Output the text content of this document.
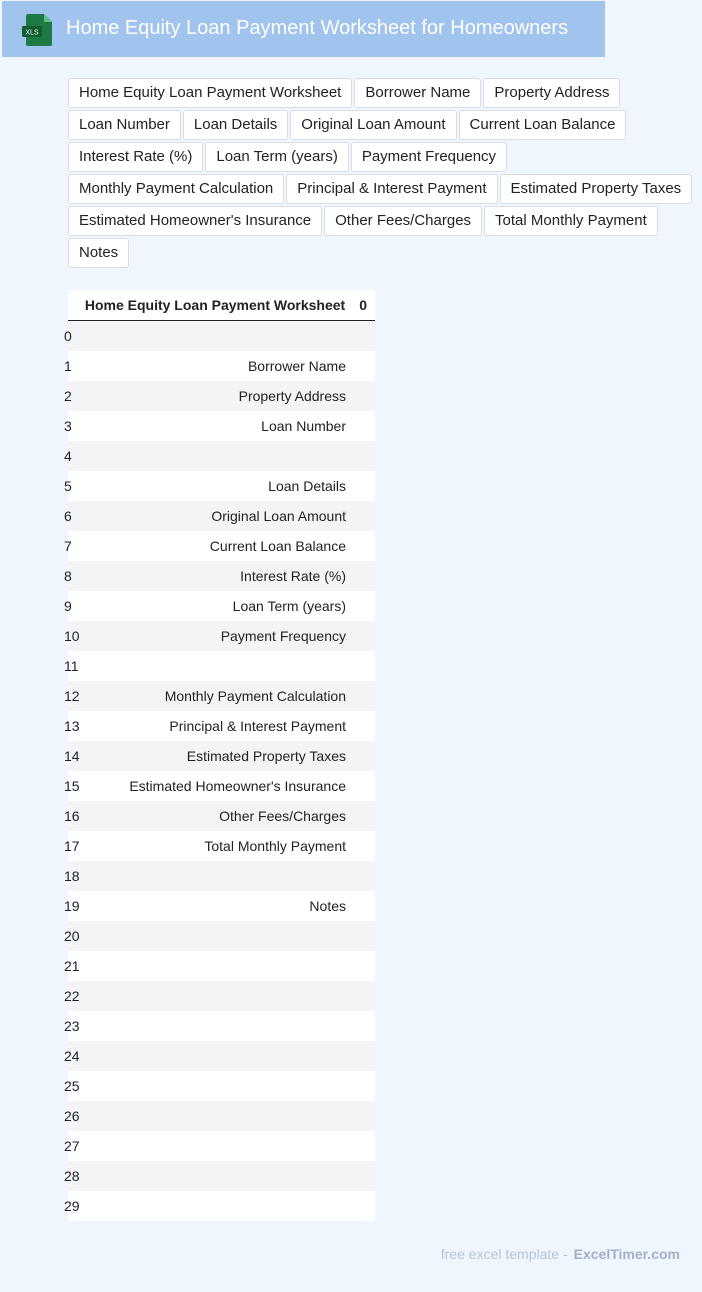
XLS Home Equity Loan Payment Worksheet for Homeowners
Home Equity Loan Payment Worksheet	Borrower Name	Property Address
Loan Number	Loan Details	Original Loan Amount	Current Loan Balance
Interest Rate (%)	Loan Term (years)	Payment Frequency
Monthly Payment Calculation	Principal & Interest Payment	Estimated Property Taxes
Estimated Homeowner's Insurance	Other Fees/Charges	Total Monthly Payment
Notes
Home Equity Loan Payment Worksheet 0
0
1	Borrower Name
2	Property Address
3	Loan Number
4
5	Loan Details
6	Original Loan Amount
7	Current Loan Balance
8	Interest Rate (%)
9	Loan Term (years)
10	Payment Frequency
11
12	Monthly Payment Calculation
13	Principal & Interest Payment
14	Estimated Property Taxes
15	Estimated Homeowner's Insurance
16	Other Fees/Charges
17	Total Monthly Payment
18
19	Notes
20
21
22
23
24
25
26
27
28
29
free excel template - ExcelTimer.com
